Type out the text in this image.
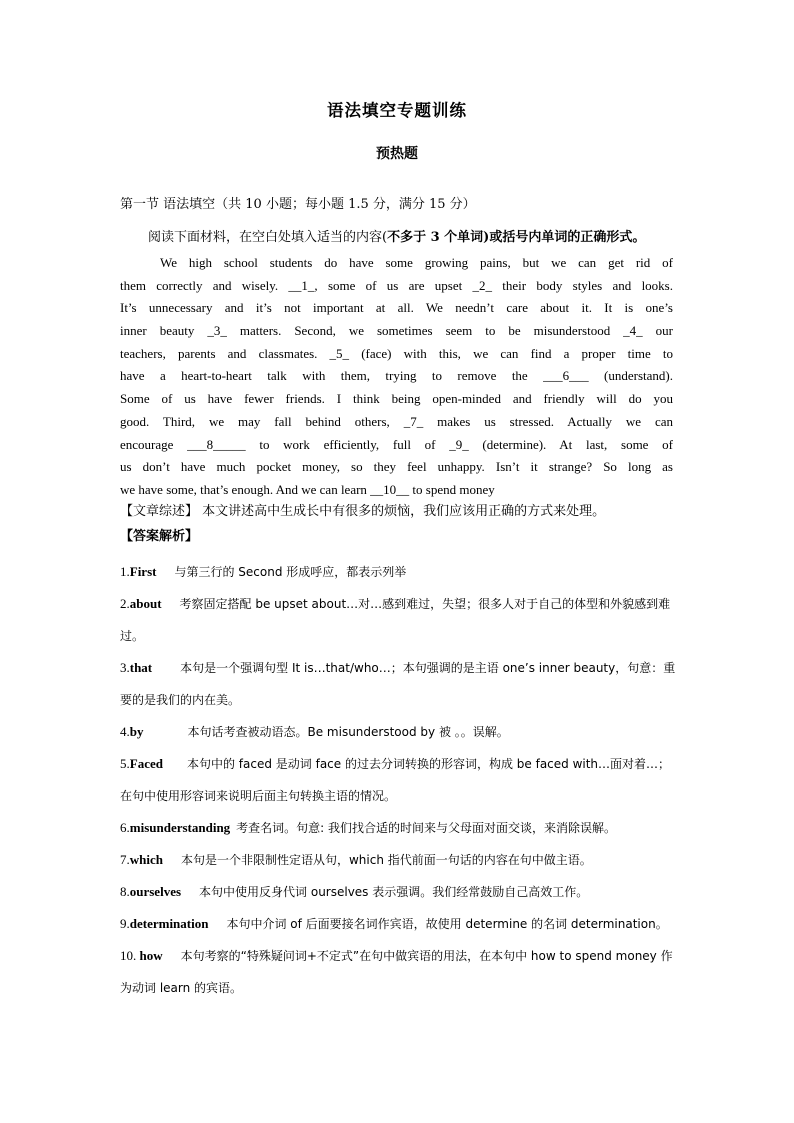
语法填空专题训练
预热题
第一节 语法填空（共 10 小题；每小题 1.5 分，满分 15 分）
阅读下面材料，在空白处填入适当的内容(不多于 3 个单词)或括号内单词的正确形式。
We high school students do have some growing pains, but we can get rid of
them correctly and wisely. __1_, some of us are upset _2_ their body styles and looks.
It’s unnecessary and it’s not important at all. We needn’t care about it. It is one’s
inner beauty _3_ matters. Second, we sometimes seem to be misunderstood _4_ our
teachers, parents and classmates. _5_ (face) with this, we can find a proper time to
have a heart-to-heart talk with them, trying to remove the ___6___ (understand).
Some of us have fewer friends. I think being open-minded and friendly will do you
good. Third, we may fall behind others, _7_ makes us stressed. Actually we can
encourage ___8_____ to work efficiently, full of _9_ (determine). At last, some of
us don’t have much pocket money, so they feel unhappy. Isn’t it strange? So long as
we have some, that’s enough. And we can learn __10__ to spend money
【文章综述】 本文讲述高中生成长中有很多的烦恼，我们应该用正确的方式来处理。
【答案解析】
1.First 与第三行的 Second 形成呼应，都表示列举
2.about 考察固定搭配 be upset about…对…感到难过，失望；很多人对于自己的体型和外貌感到难过。
3.that 本句是一个强调句型 It is…that/who…；本句强调的是主语 one’s inner beauty，句意：重要的是我们的内在美。
4.by	本句话考查被动语态。Be misunderstood by 被 。。误解。
5.Faced 本句中的 faced 是动词 face 的过去分词转换的形容词，构成 be faced with…面对着…；在句中使用形容词来说明后面主句转换主语的情况。
6.misunderstanding 考查名词。句意: 我们找合适的时间来与父母面对面交谈，来消除误解。
7.which 本句是一个非限制性定语从句，which 指代前面一句话的内容在句中做主语。
8.ourselves 本句中使用反身代词 ourselves 表示强调。我们经常鼓励自己高效工作。
9.determination 本句中介词 of 后面要接名词作宾语，故使用 determine 的名词 determination。
10. how 本句考察的“特殊疑问词+不定式”在句中做宾语的用法，在本句中 how to spend money 作为动词 learn 的宾语。
